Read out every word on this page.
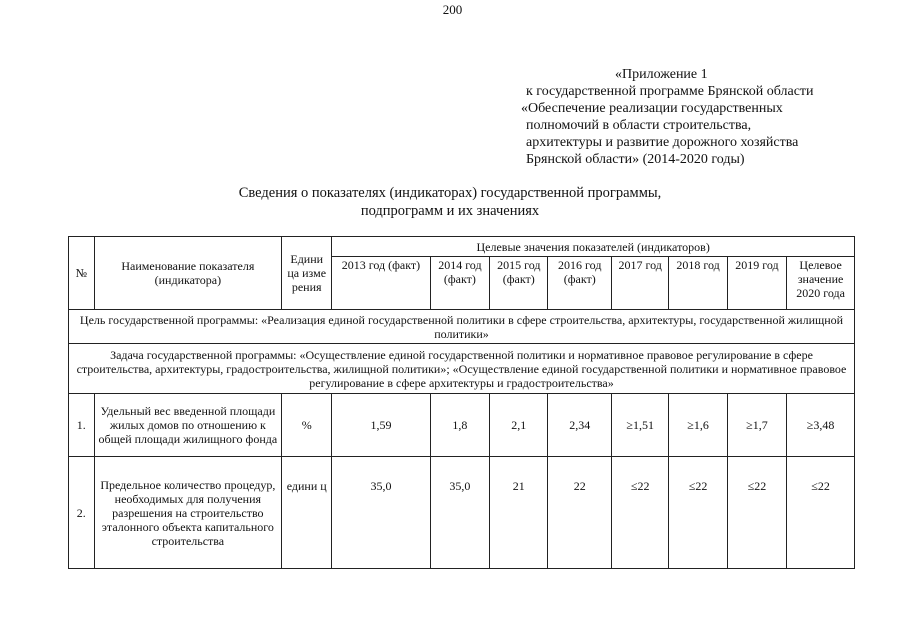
200
«Приложение 1
к государственной программе Брянской области
«Обеспечение реализации государственных
полномочий в области строительства,
архитектуры и развитие дорожного хозяйства
Брянской области» (2014-2020 годы)
Сведения о показателях (индикаторах) государственной программы,
подпрограмм и их значениях
№	Наименование показателя (индикатора)	Едини ца изме рения	Целевые значения показателей (индикаторов)							
			2013 год (факт)	2014 год (факт)	2015 год (факт)	2016 год (факт)	2017 год	2018 год	2019 год	Целевое значение 2020 года
Цель государственной программы: «Реализация единой государственной политики в сфере строительства, архитектуры, государственной жилищной политики»										
Задача государственной программы: «Осуществление единой государственной политики и нормативное правовое регулирование в сфере строительства, архитектуры, градостроительства, жилищной политики»; «Осуществление единой государственной политики и нормативное правовое регулирование в сфере архитектуры и градостроительства»										
1.	Удельный вес введенной площади жилых домов по отношению к общей площади жилищного фонда	%	1,59	1,8	2,1	2,34	≥1,51	≥1,6	≥1,7	≥3,48
2.	Предельное количество процедур, необходимых для получения разрешения на строительство эталонного объекта капитального строительства	едини ц	35,0	35,0	21	22	≤22	≤22	≤22	≤22
